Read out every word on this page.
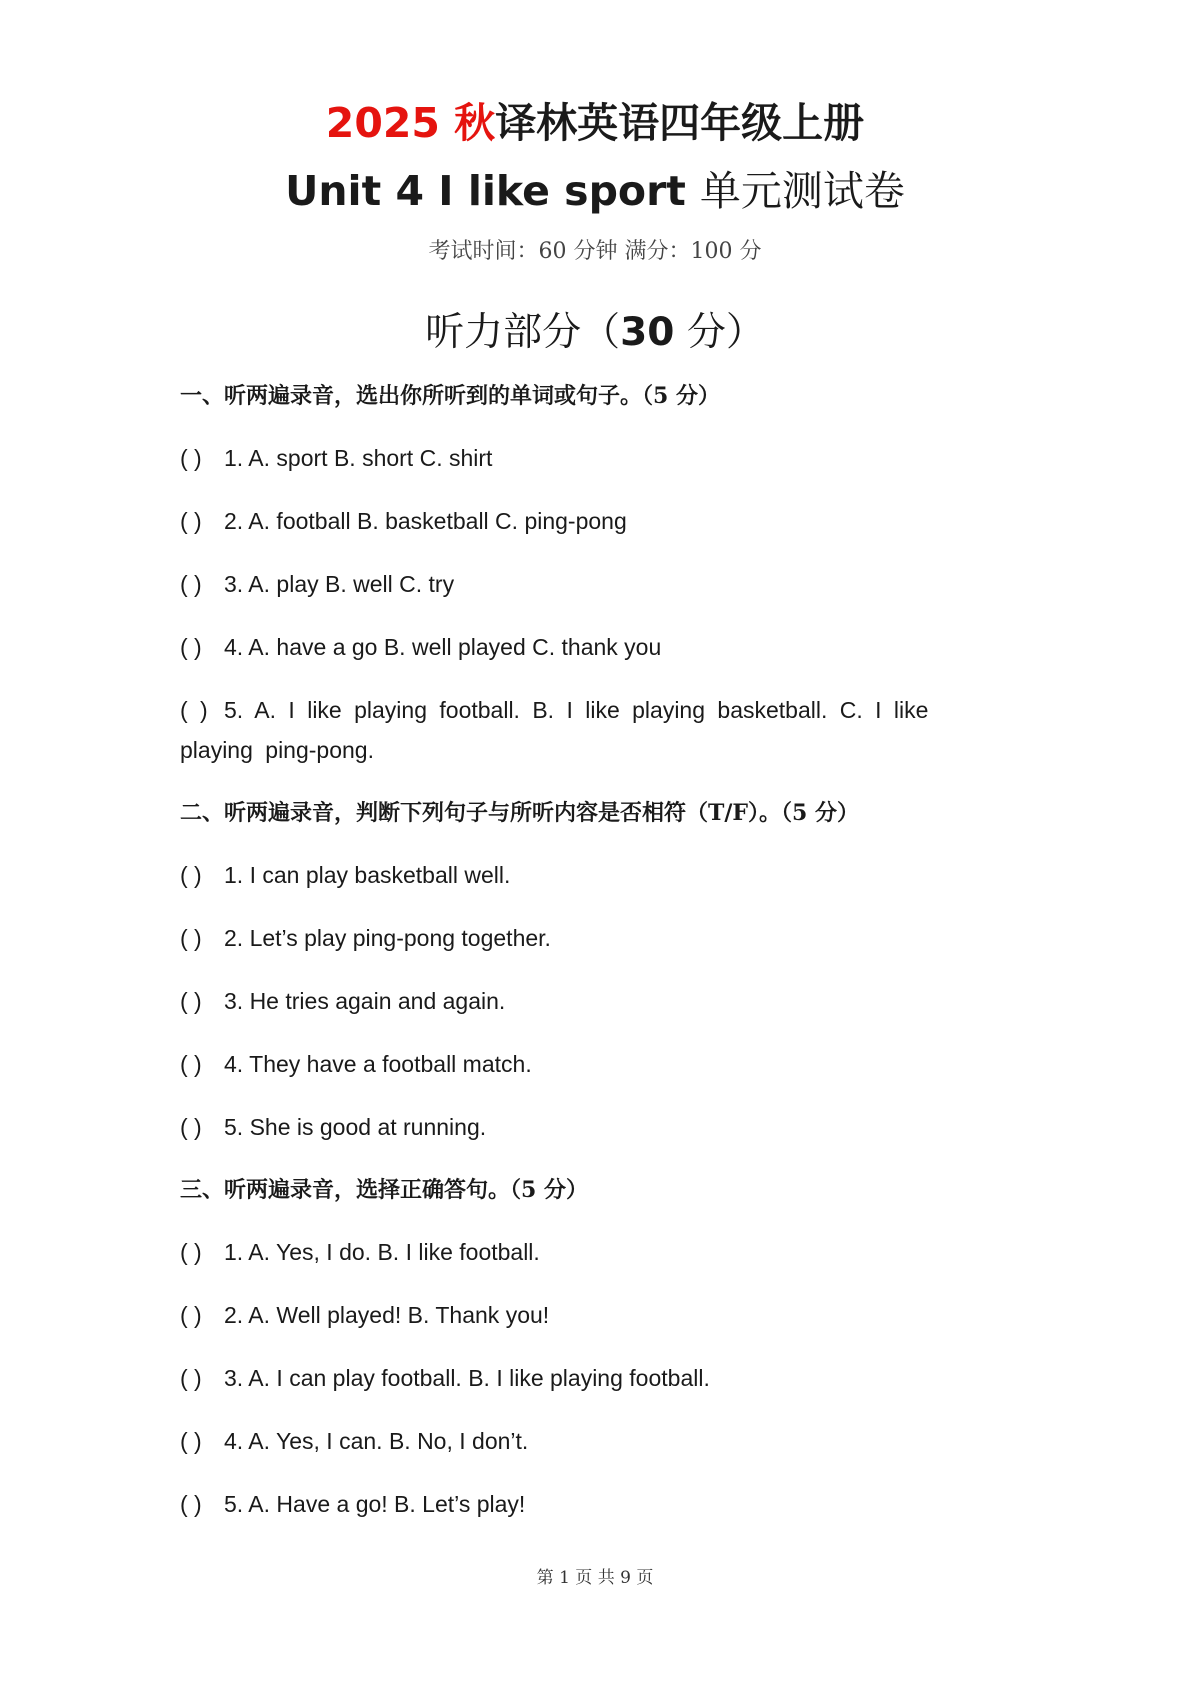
2025 秋译林英语四年级上册
Unit 4 I like sport 单元测试卷
考试时间：60 分钟 满分：100 分
听力部分（30 分）
一、听两遍录音，选出你所听到的单词或句子。（5 分）
( ) 1. A. sport B. short C. shirt
( ) 2. A. football B. basketball C. ping-pong
( ) 3. A. play B. well C. try
( ) 4. A. have a go B. well played C. thank you
( ) 5. A. I like playing football. B. I like playing basketball. C. I like playing ping-pong.
二、听两遍录音，判断下列句子与所听内容是否相符（T/F）。（5 分）
( ) 1. I can play basketball well.
( ) 2. Let’s play ping-pong together.
( ) 3. He tries again and again.
( ) 4. They have a football match.
( ) 5. She is good at running.
三、听两遍录音，选择正确答句。（5 分）
( ) 1. A. Yes, I do. B. I like football.
( ) 2. A. Well played! B. Thank you!
( ) 3. A. I can play football. B. I like playing football.
( ) 4. A. Yes, I can. B. No, I don’t.
( ) 5. A. Have a go! B. Let’s play!
第 1 页 共 9 页
